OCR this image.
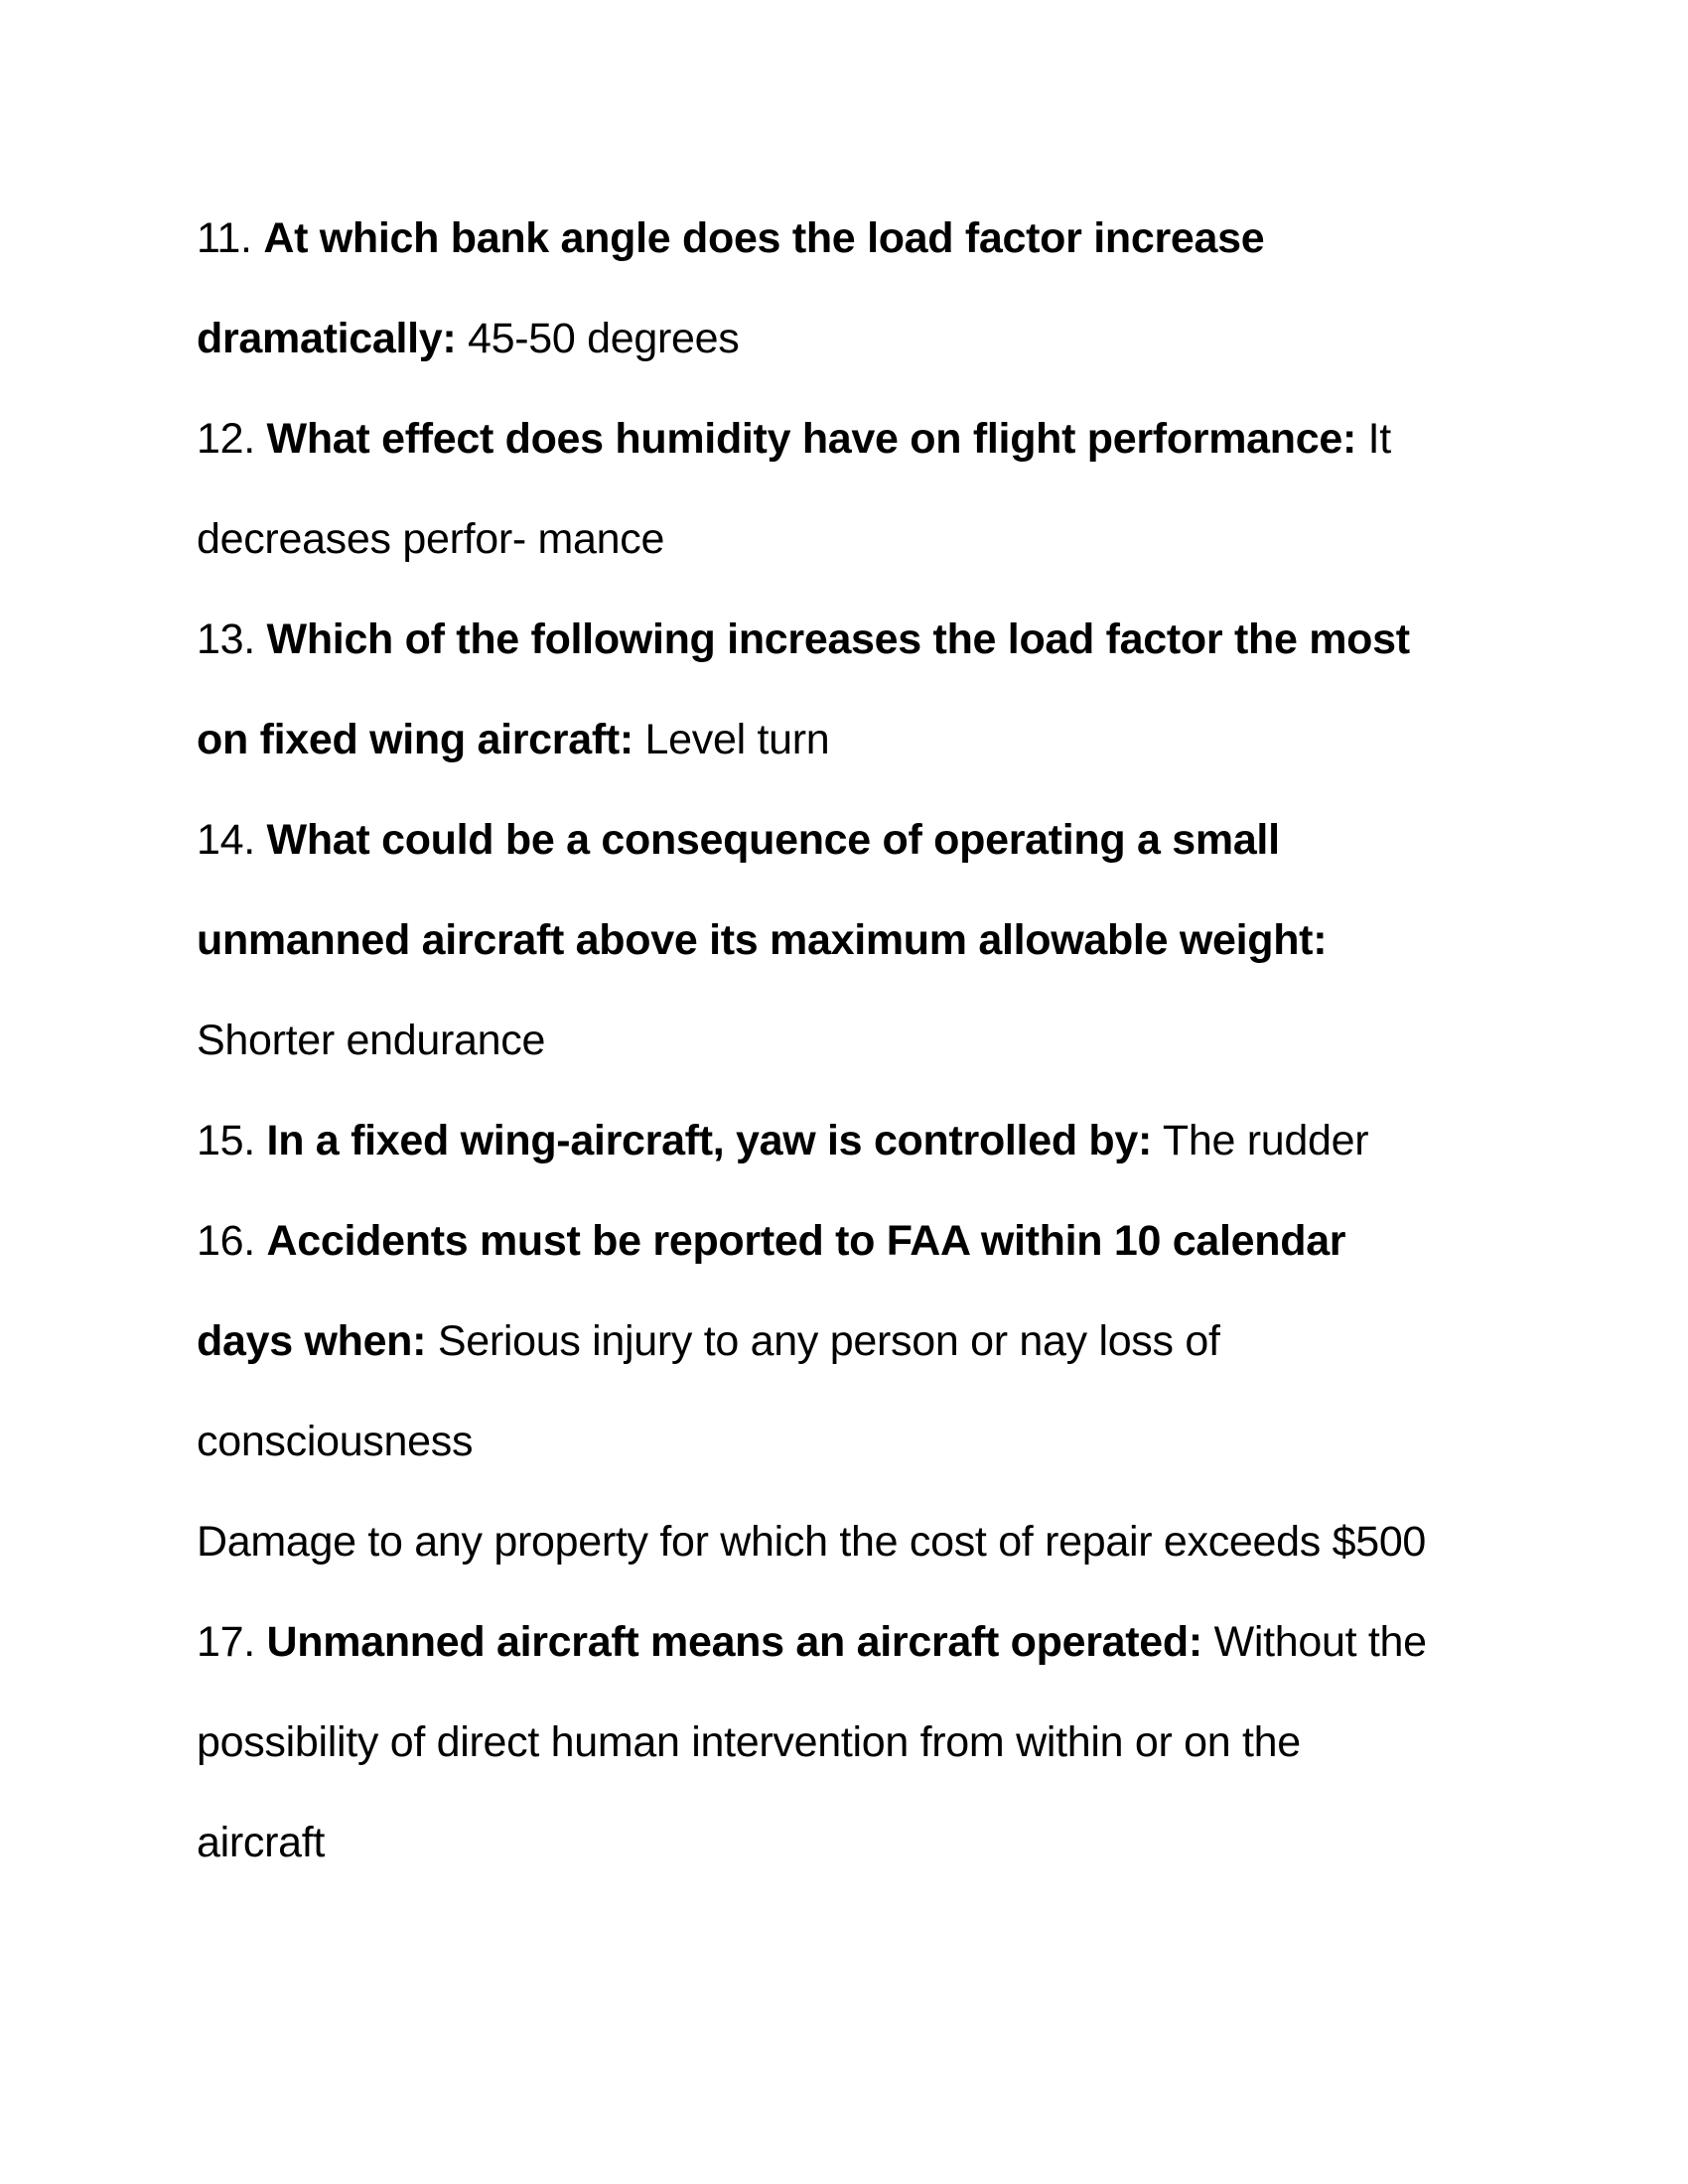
11. At which bank angle does the load factor increase
dramatically: 45-50 degrees
12. What effect does humidity have on flight performance: It
decreases perfor- mance
13. Which of the following increases the load factor the most
on fixed wing aircraft: Level turn
14. What could be a consequence of operating a small
unmanned aircraft above its maximum allowable weight:
Shorter endurance
15. In a fixed wing-aircraft, yaw is controlled by: The rudder
16. Accidents must be reported to FAA within 10 calendar
days when: Serious injury to any person or nay loss of
consciousness
Damage to any property for which the cost of repair exceeds $500
17. Unmanned aircraft means an aircraft operated: Without the
possibility of direct human intervention from within or on the
aircraft
